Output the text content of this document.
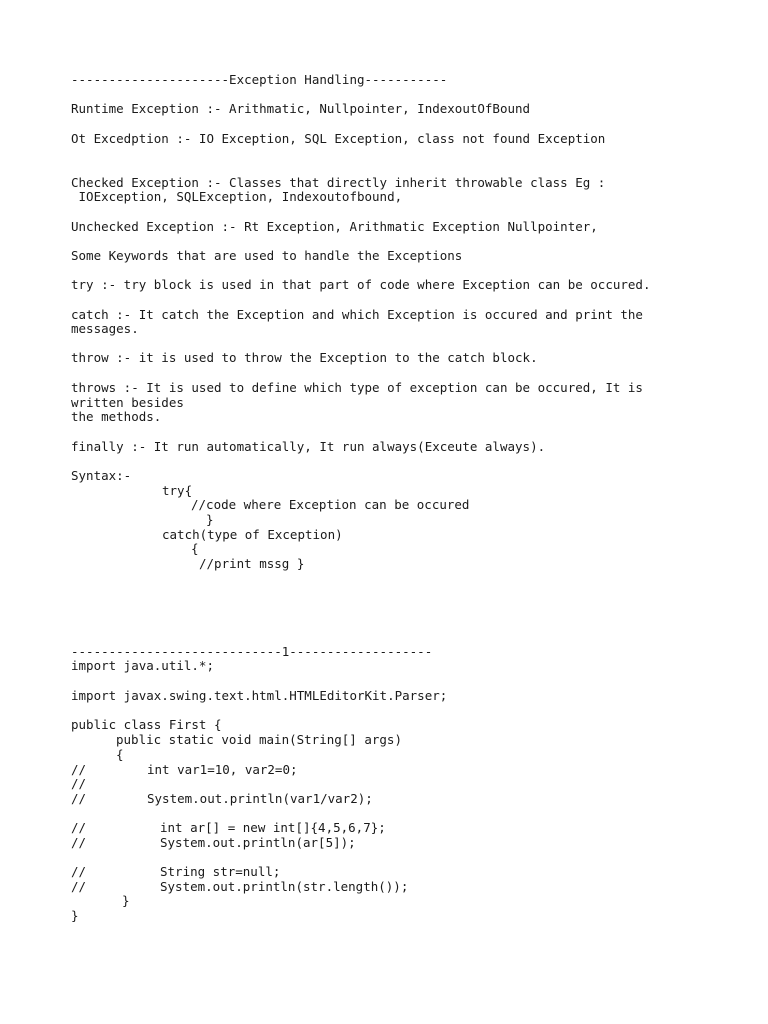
---------------------Exception Handling-----------

Runtime Exception :- Arithmatic, Nullpointer, IndexoutOfBound

Ot Excedption :- IO Exception, SQL Exception, class not found Exception

Checked Exception :- Classes that directly inherit throwable class Eg :

IOException, SQLException, Indexoutofbound,

Unchecked Exception :- Rt Exception, Arithmatic Exception Nullpointer,

Some Keywords that are used to handle the Exceptions

try :- try block is used in that part of code where Exception can be occured.

catch :- It catch the Exception and which Exception is occured and print the

messages.

throw :- it is used to throw the Exception to the catch block.

throws :- It is used to define which type of exception can be occured, It is

written besides

the methods.

finally :- It run automatically, It run always(Exceute always).

Syntax:-

try{

//code where Exception can be occured

}

catch(type of Exception)

{

//print mssg }

----------------------------1-------------------

import java.util.*;

import javax.swing.text.html.HTMLEditorKit.Parser;

public class First {

public static void main(String[] args)

{

//	int var1=10, var2=0;

//

//	System.out.println(var1/var2);

//	int ar[] = new int[]{4,5,6,7};

//	System.out.println(ar[5]);

//	String str=null;

//	System.out.println(str.length());

}

}
